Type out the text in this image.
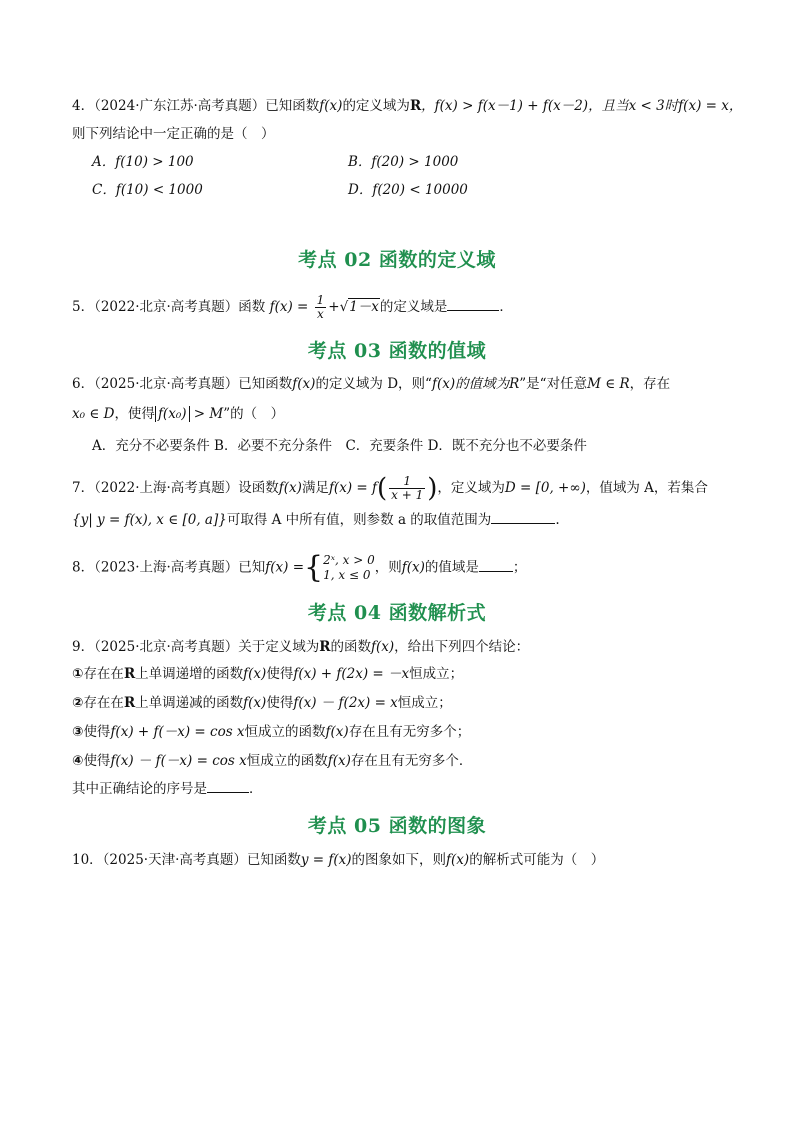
4．（2024·广东江苏·高考真题）已知函数f(x)的定义域为R，f(x) > f(x－1) + f(x－2)，且当x < 3时f(x) = x，
则下列结论中一定正确的是（　）
A．f(10) > 100	B．f(20) > 1000
C．f(10) < 1000	D．f(20) < 10000
考点 02 函数的定义域
5．（2022·北京·高考真题）函数 $f(x) = \frac{1}{x} +√1-x$的定义域是	．
考点 03 函数的值域
6．（2025·北京·高考真题）已知函数f(x)的定义域为 D，则“f(x)的值域为R”是“对任意M ∈ R，存在
x₀ ∈ D，使得 f(x₀) > M”的（　）
A．充分不必要条件 B．必要不充分条件　C．充要条件 D．既不充分也不必要条件
7．（2022·上海·高考真题）设函数f(x)满足$f(x) = f( \frac{1}{x + 1}$ )，定义域为D = [0, +∞)，值域为 A，若集合
{y| y = f(x), x ∈ [0, a]}可取得 A 中所有值，则参数 a 的取值范围为	.
8．（2023·上海·高考真题）已知f(x) ={ 2ˣ, x > 0
1, x ≤ 0 ，则f(x)的值域是	；
考点 04 函数解析式
9．（2025·北京·高考真题）关于定义域为R的函数f(x)，给出下列四个结论：
①存在在R上单调递增的函数f(x)使得f(x) + f(2x) = －x恒成立；
②存在在R上单调递减的函数f(x)使得f(x) － f(2x) = x恒成立；
③使得f(x) + f(－x) = cos x恒成立的函数f(x)存在且有无穷多个；
④使得f(x) － f(－x) = cos x恒成立的函数f(x)存在且有无穷多个．
其中正确结论的序号是	．
考点 05 函数的图象
10．（2025·天津·高考真题）已知函数y = f(x)的图象如下，则f(x)的解析式可能为（　）
